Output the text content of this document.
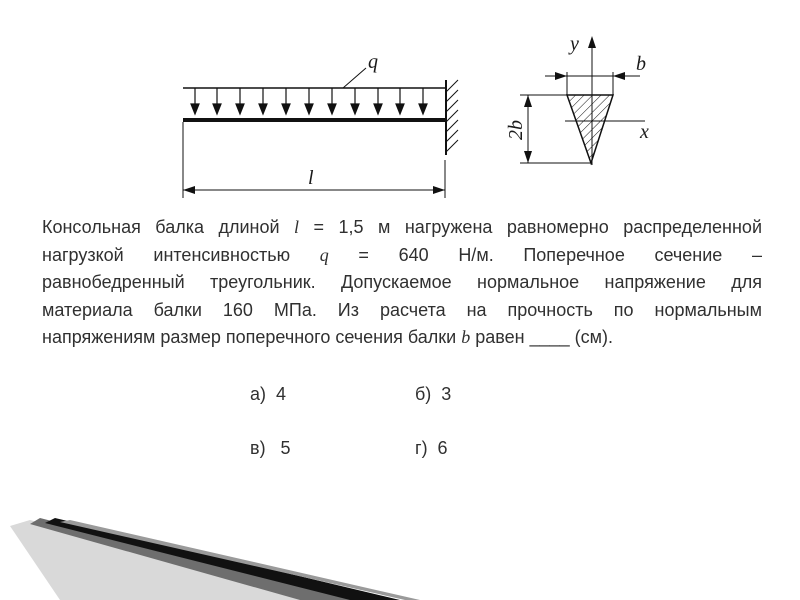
q
l
y
x
b
2b

Консольная балка длиной l = 1,5 м нагружена равномерно распределенной
нагрузкой интенсивностью q = 640 Н/м. Поперечное сечение –
равнобедренный треугольник. Допускаемое нормальное напряжение для
материала балки 160 МПа. Из расчета на прочность по нормальным
напряжениям размер поперечного сечения балки b равен ____ (см).

а)  4	б)  3
в)   5	г)  6
